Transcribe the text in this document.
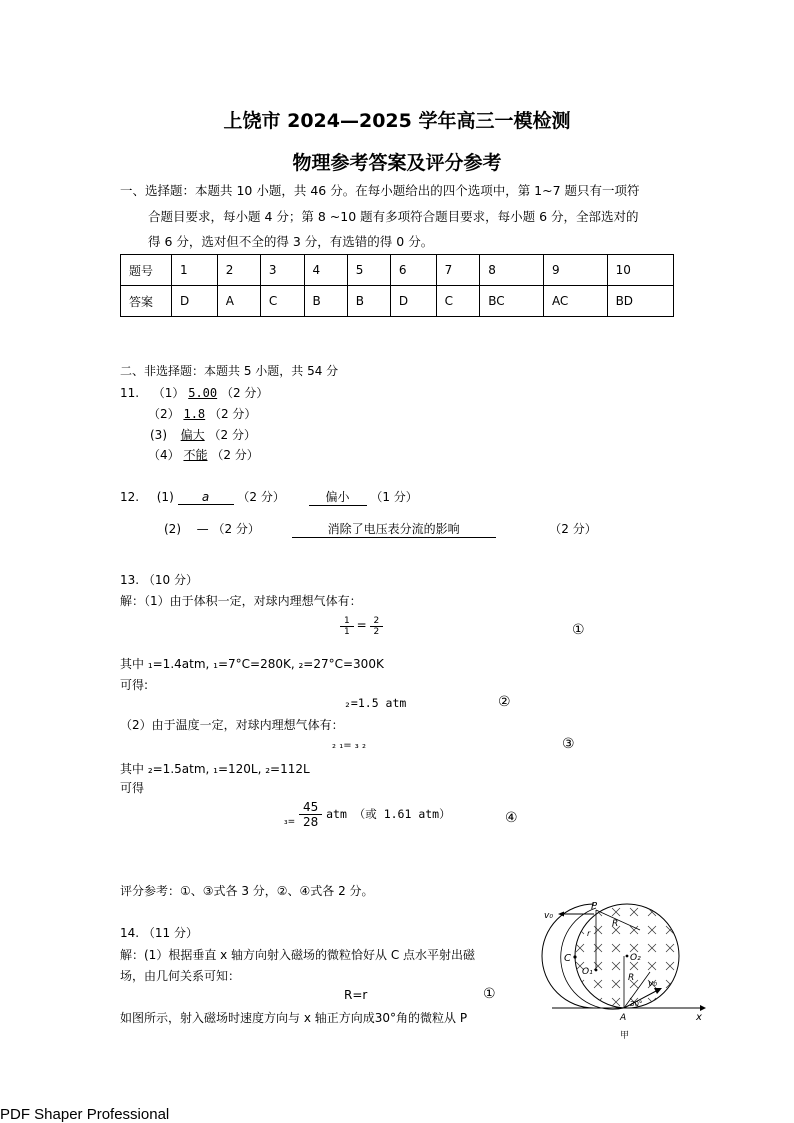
上饶市 2024—2025 学年高三一模检测
物理参考答案及评分参考
一、选择题：本题共 10 小题，共 46 分。在每小题给出的四个选项中，第 1~7 题只有一项符
合题目要求，每小题 4 分；第 8 ~10 题有多项符合题目要求，每小题 6 分，全部选对的
得 6 分，选对但不全的得 3 分，有选错的得 0 分。
题号	1	2	3	4	5	6	7	8	9	10
答案	D	A	C	B	B	D	C	BC	AC	BD
二、非选择题：本题共 5 小题，共 54 分
11. （1） 5.00 （2 分）
（2） 1.8 （2 分）
(3) 偏大 （2 分）
（4） 不能 （2 分）
12. (1) a （2 分）	偏小 （1 分）
(2) — （2 分）	消除了电压表分流的影响	（2 分）
13. （10 分）
解：（1）由于体积一定，对球内理想气体有：
$\frac{1}{1} = \frac{2}{2}$	①
其中 ₁=1.4atm, ₁=7°C=280K, ₂=27°C=300K
可得:
₂=1.5 atm	②
（2）由于温度一定，对球内理想气体有：
₂ ₁= ₃ ₂	③
其中 ₂=1.5atm, ₁=120L, ₂=112L
可得
$_{_3=} \frac{45}{28}$ atm （或 1.61 atm）	④
评分参考：①、③式各 3 分，②、④式各 2 分。
14. （11 分）
解：(1）根据垂直 x 轴方向射入磁场的微粒恰好从 C 点水平射出磁
场，由几何关系可知：
R=r	①
如图所示，射入磁场时速度方向与 x 轴正方向成30°角的微粒从 P
v₀
P
C
O₁
O₂
R
R
r
v₀
A
30°
x
甲
PDF Shaper Professional
